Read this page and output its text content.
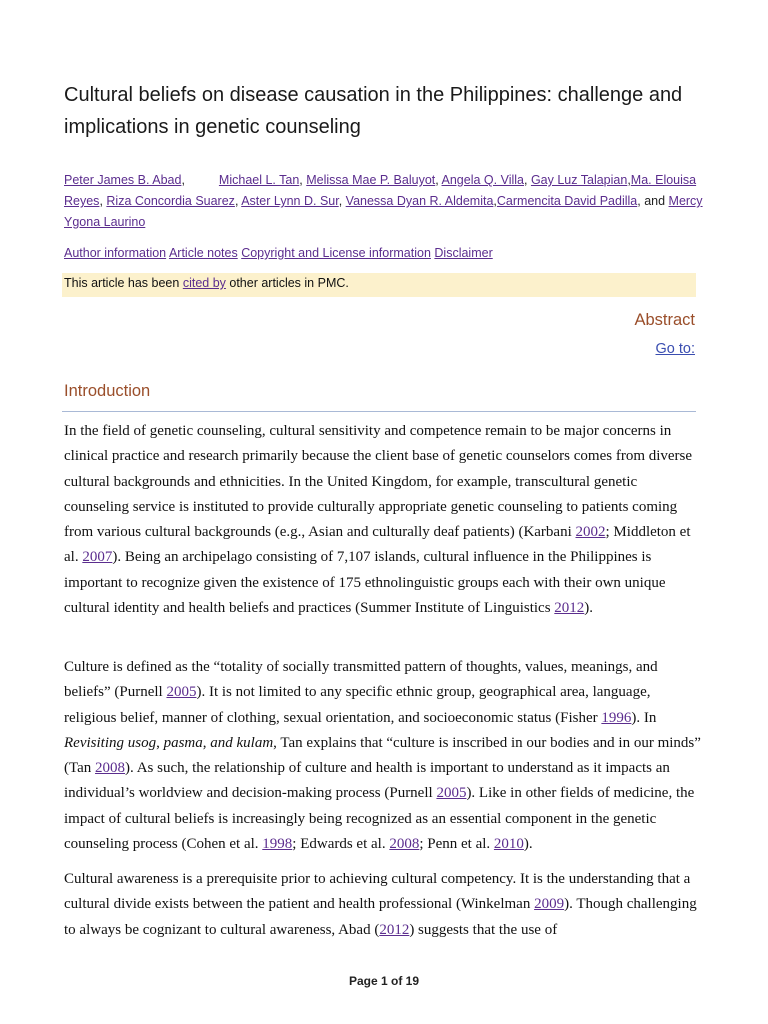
Cultural beliefs on disease causation in the Philippines: challenge and implications in genetic counseling
Peter James B. Abad,	Michael L. Tan, Melissa Mae P. Baluyot, Angela Q. Villa, Gay Luz Talapian,Ma. Elouisa Reyes, Riza Concordia Suarez, Aster Lynn D. Sur, Vanessa Dyan R. Aldemita,Carmencita David Padilla, and Mercy Ygona Laurino
Author information Article notes Copyright and License information Disclaimer
This article has been cited by other articles in PMC.
Abstract
Go to:
Introduction

In the field of genetic counseling, cultural sensitivity and competence remain to be major concerns in clinical practice and research primarily because the client base of genetic counselors comes from diverse cultural backgrounds and ethnicities. In the United Kingdom, for example, transcultural genetic counseling service is instituted to provide culturally appropriate genetic counseling to patients coming from various cultural backgrounds (e.g., Asian and culturally deaf patients) (Karbani 2002; Middleton et al. 2007). Being an archipelago consisting of 7,107 islands, cultural influence in the Philippines is important to recognize given the existence of 175 ethnolinguistic groups each with their own unique cultural identity and health beliefs and practices (Summer Institute of Linguistics 2012).

Culture is defined as the “totality of socially transmitted pattern of thoughts, values, meanings, and beliefs” (Purnell 2005). It is not limited to any specific ethnic group, geographical area, language, religious belief, manner of clothing, sexual orientation, and socioeconomic status (Fisher 1996). In Revisiting usog, pasma, and kulam, Tan explains that “culture is inscribed in our bodies and in our minds” (Tan 2008). As such, the relationship of culture and health is important to understand as it impacts an individual’s worldview and decision-making process (Purnell 2005). Like in other fields of medicine, the impact of cultural beliefs is increasingly being recognized as an essential component in the genetic counseling process (Cohen et al. 1998; Edwards et al. 2008; Penn et al. 2010).

Cultural awareness is a prerequisite prior to achieving cultural competency. It is the understanding that a cultural divide exists between the patient and health professional (Winkelman 2009). Though challenging to always be cognizant to cultural awareness, Abad (2012) suggests that the use of

Page 1 of 19
